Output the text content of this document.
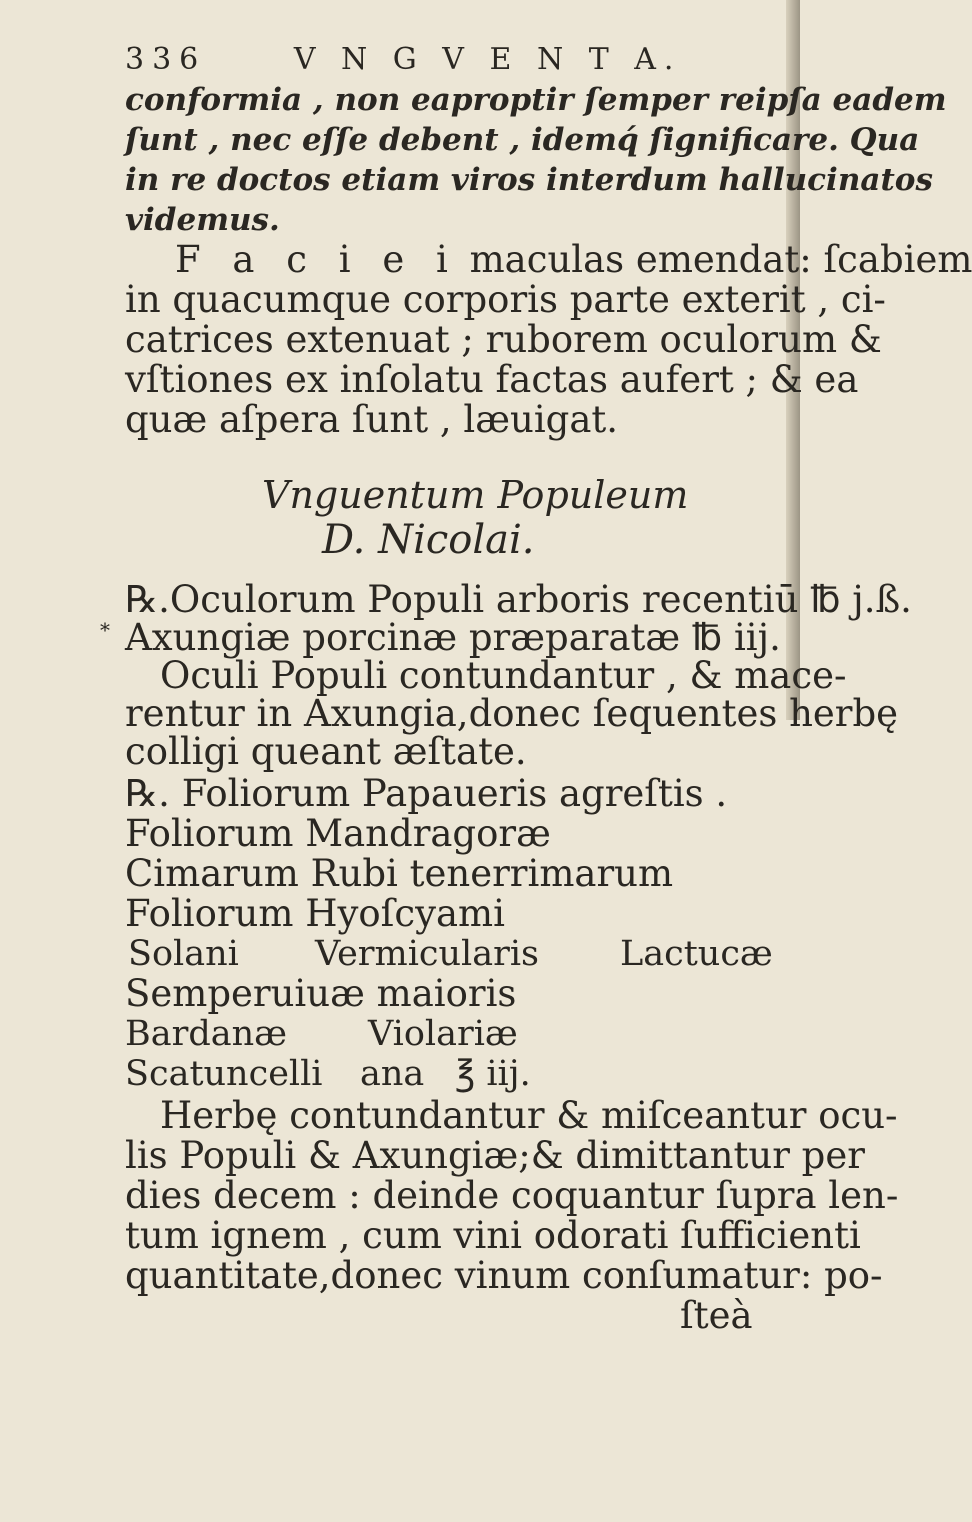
336	V N G V E N T A.
conformia , non eaproptir ſemper reipſa eadem
ſunt , nec eſſe debent , idemq́ ſignificare. Qua
in re doctos etiam viros interdum hallucinatos
videmus.
F a c i e i maculas emendat: ſcabiem
in quacumque corporis parte exterit , ci-
catrices extenuat ; ruborem oculorum &
vſtiones ex inſolatu factas aufert ; & ea
quæ aſpera ſunt , læuigat.
Vnguentum Populeum
D. Nicolai.
℞.Oculorum Populi arboris recentiū ℔ j.ß.
⁎ Axungiæ porcinæ præparatæ ℔ iij.
Oculi Populi contundantur , & mace-
rentur in Axungia,donec ſequentes herbę
colligi queant æſtate.
℞. Foliorum Papaueris agreſtis .
Foliorum Mandragoræ
Cimarum Rubi tenerrimarum
Foliorum Hyoſcyami
Solani Vermicularis Lactucæ
Semperuiuæ maioris
Bardanæ Violariæ
Scatuncelli ana ℥ iij.
Herbę contundantur & miſceantur ocu-
lis Populi & Axungiæ;& dimittantur per
dies decem : deinde coquantur ſupra len-
tum ignem , cum vini odorati ſufficienti
quantitate,donec vinum conſumatur: po-
ſteà
